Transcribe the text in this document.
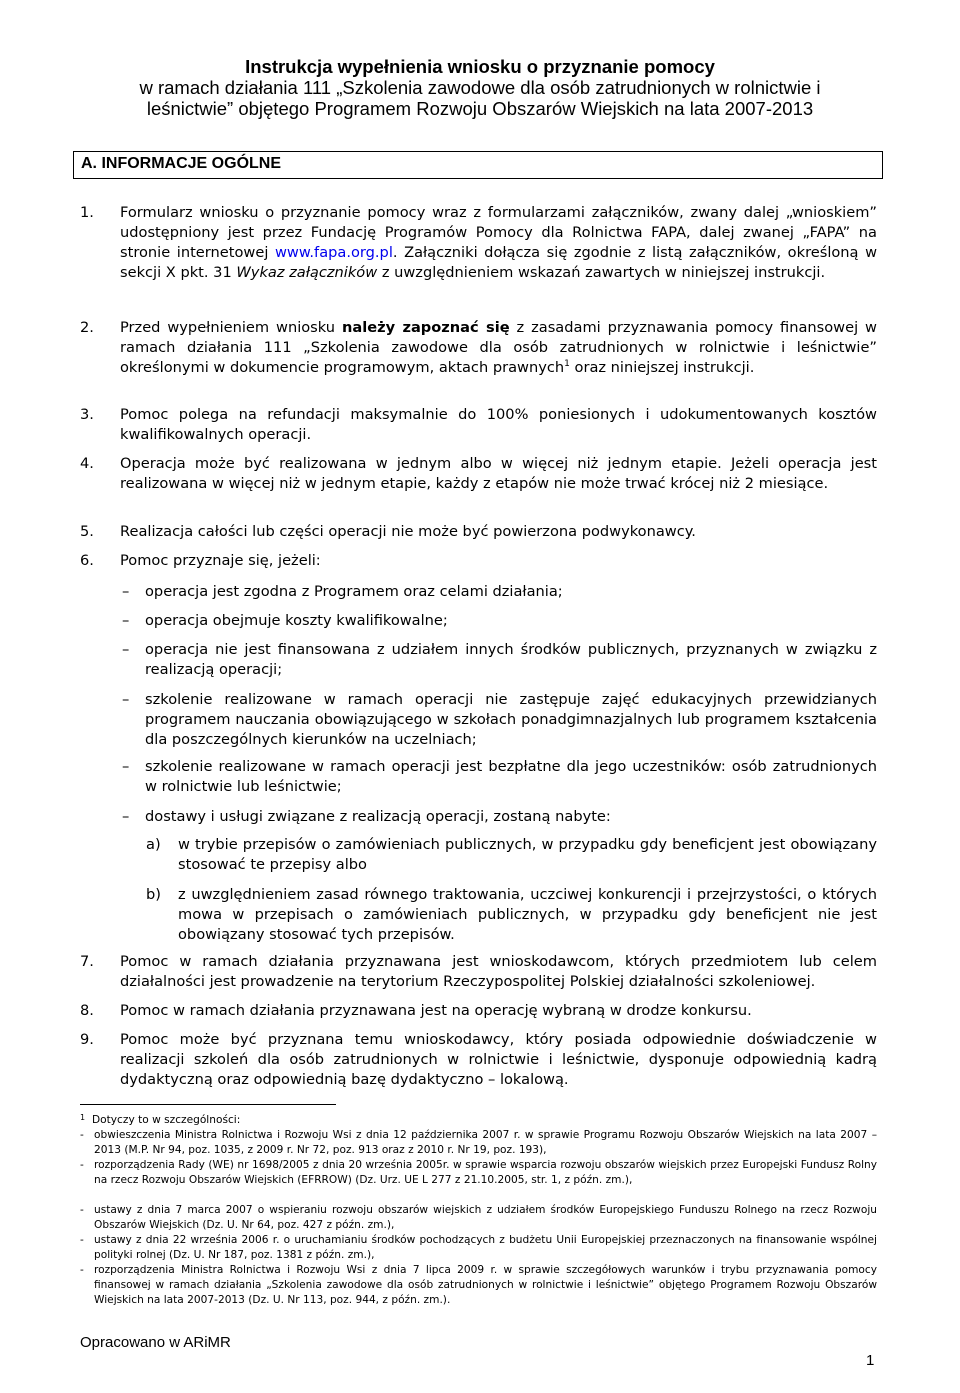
Instrukcja wypełnienia wniosku o przyznanie pomocy
w ramach działania 111 „Szkolenia zawodowe dla osób zatrudnionych w rolnictwie i
leśnictwie” objętego Programem Rozwoju Obszarów Wiejskich na lata 2007-2013
A. INFORMACJE OGÓLNE
1.	Formularz wniosku o przyznanie pomocy wraz z formularzami załączników, zwany dalej „wnioskiem” udostępniony jest przez Fundację Programów Pomocy dla Rolnictwa FAPA, dalej zwanej „FAPA” na stronie internetowej www.fapa.org.pl. Załączniki dołącza się zgodnie z listą załączników, określoną w sekcji X pkt. 31 Wykaz załączników z uwzględnieniem wskazań zawartych w niniejszej instrukcji.
2.	Przed wypełnieniem wniosku należy zapoznać się z zasadami przyznawania pomocy finansowej w ramach działania 111 „Szkolenia zawodowe dla osób zatrudnionych w rolnictwie i leśnictwie” określonymi w dokumencie programowym, aktach prawnych$^1$ oraz niniejszej instrukcji.
3.	Pomoc polega na refundacji maksymalnie do 100% poniesionych i udokumentowanych kosztów kwalifikowalnych operacji.
4.	Operacja może być realizowana w jednym albo w więcej niż jednym etapie. Jeżeli operacja jest realizowana w więcej niż w jednym etapie, każdy z etapów nie może trwać krócej niż 2 miesiące.
5.	Realizacja całości lub części operacji nie może być powierzona podwykonawcy.
6.	Pomoc przyznaje się, jeżeli:
– operacja jest zgodna z Programem oraz celami działania;
– operacja obejmuje koszty kwalifikowalne;
– operacja nie jest finansowana z udziałem innych środków publicznych, przyznanych w związku z realizacją operacji;
– szkolenie realizowane w ramach operacji nie zastępuje zajęć edukacyjnych przewidzianych programem nauczania obowiązującego w szkołach ponadgimnazjalnych lub programem kształcenia dla poszczególnych kierunków na uczelniach;
– szkolenie realizowane w ramach operacji jest bezpłatne dla jego uczestników: osób zatrudnionych w rolnictwie lub leśnictwie;
– dostawy i usługi związane z realizacją operacji, zostaną nabyte:
a) w trybie przepisów o zamówieniach publicznych, w przypadku gdy beneficjent jest obowiązany stosować te przepisy albo
b) z uwzględnieniem zasad równego traktowania, uczciwej konkurencji i przejrzystości, o których mowa w przepisach o zamówieniach publicznych, w przypadku gdy beneficjent nie jest obowiązany stosować tych przepisów.
7.	Pomoc w ramach działania przyznawana jest wnioskodawcom, których przedmiotem lub celem działalności jest prowadzenie na terytorium Rzeczypospolitej Polskiej działalności szkoleniowej.
8.	Pomoc w ramach działania przyznawana jest na operację wybraną w drodze konkursu.
9.	Pomoc może być przyznana temu wnioskodawcy, który posiada odpowiednie doświadczenie w realizacji szkoleń dla osób zatrudnionych w rolnictwie i leśnictwie, dysponuje odpowiednią kadrą dydaktyczną oraz odpowiednią bazę dydaktyczno – lokalową.
1 Dotyczy to w szczególności:
- obwieszczenia Ministra Rolnictwa i Rozwoju Wsi z dnia 12 października 2007 r. w sprawie Programu Rozwoju Obszarów Wiejskich na lata 2007 – 2013 (M.P. Nr 94, poz. 1035, z 2009 r. Nr 72, poz. 913 oraz z 2010 r. Nr 19, poz. 193),
- rozporządzenia Rady (WE) nr 1698/2005 z dnia 20 września 2005r. w sprawie wsparcia rozwoju obszarów wiejskich przez Europejski Fundusz Rolny na rzecz Rozwoju Obszarów Wiejskich (EFRROW) (Dz. Urz. UE L 277 z 21.10.2005, str. 1, z późn. zm.),
- ustawy z dnia 7 marca 2007 o wspieraniu rozwoju obszarów wiejskich z udziałem środków Europejskiego Funduszu Rolnego na rzecz Rozwoju Obszarów Wiejskich (Dz. U. Nr 64, poz. 427 z późn. zm.),
- ustawy z dnia 22 września 2006 r. o uruchamianiu środków pochodzących z budżetu Unii Europejskiej przeznaczonych na finansowanie wspólnej polityki rolnej (Dz. U. Nr 187, poz. 1381 z późn. zm.),
- rozporządzenia Ministra Rolnictwa i Rozwoju Wsi z dnia 7 lipca 2009 r. w sprawie szczegółowych warunków i trybu przyznawania pomocy finansowej w ramach działania „Szkolenia zawodowe dla osób zatrudnionych w rolnictwie i leśnictwie” objętego Programem Rozwoju Obszarów Wiejskich na lata 2007-2013 (Dz. U. Nr 113, poz. 944, z późn. zm.).
Opracowano w ARiMR
1
